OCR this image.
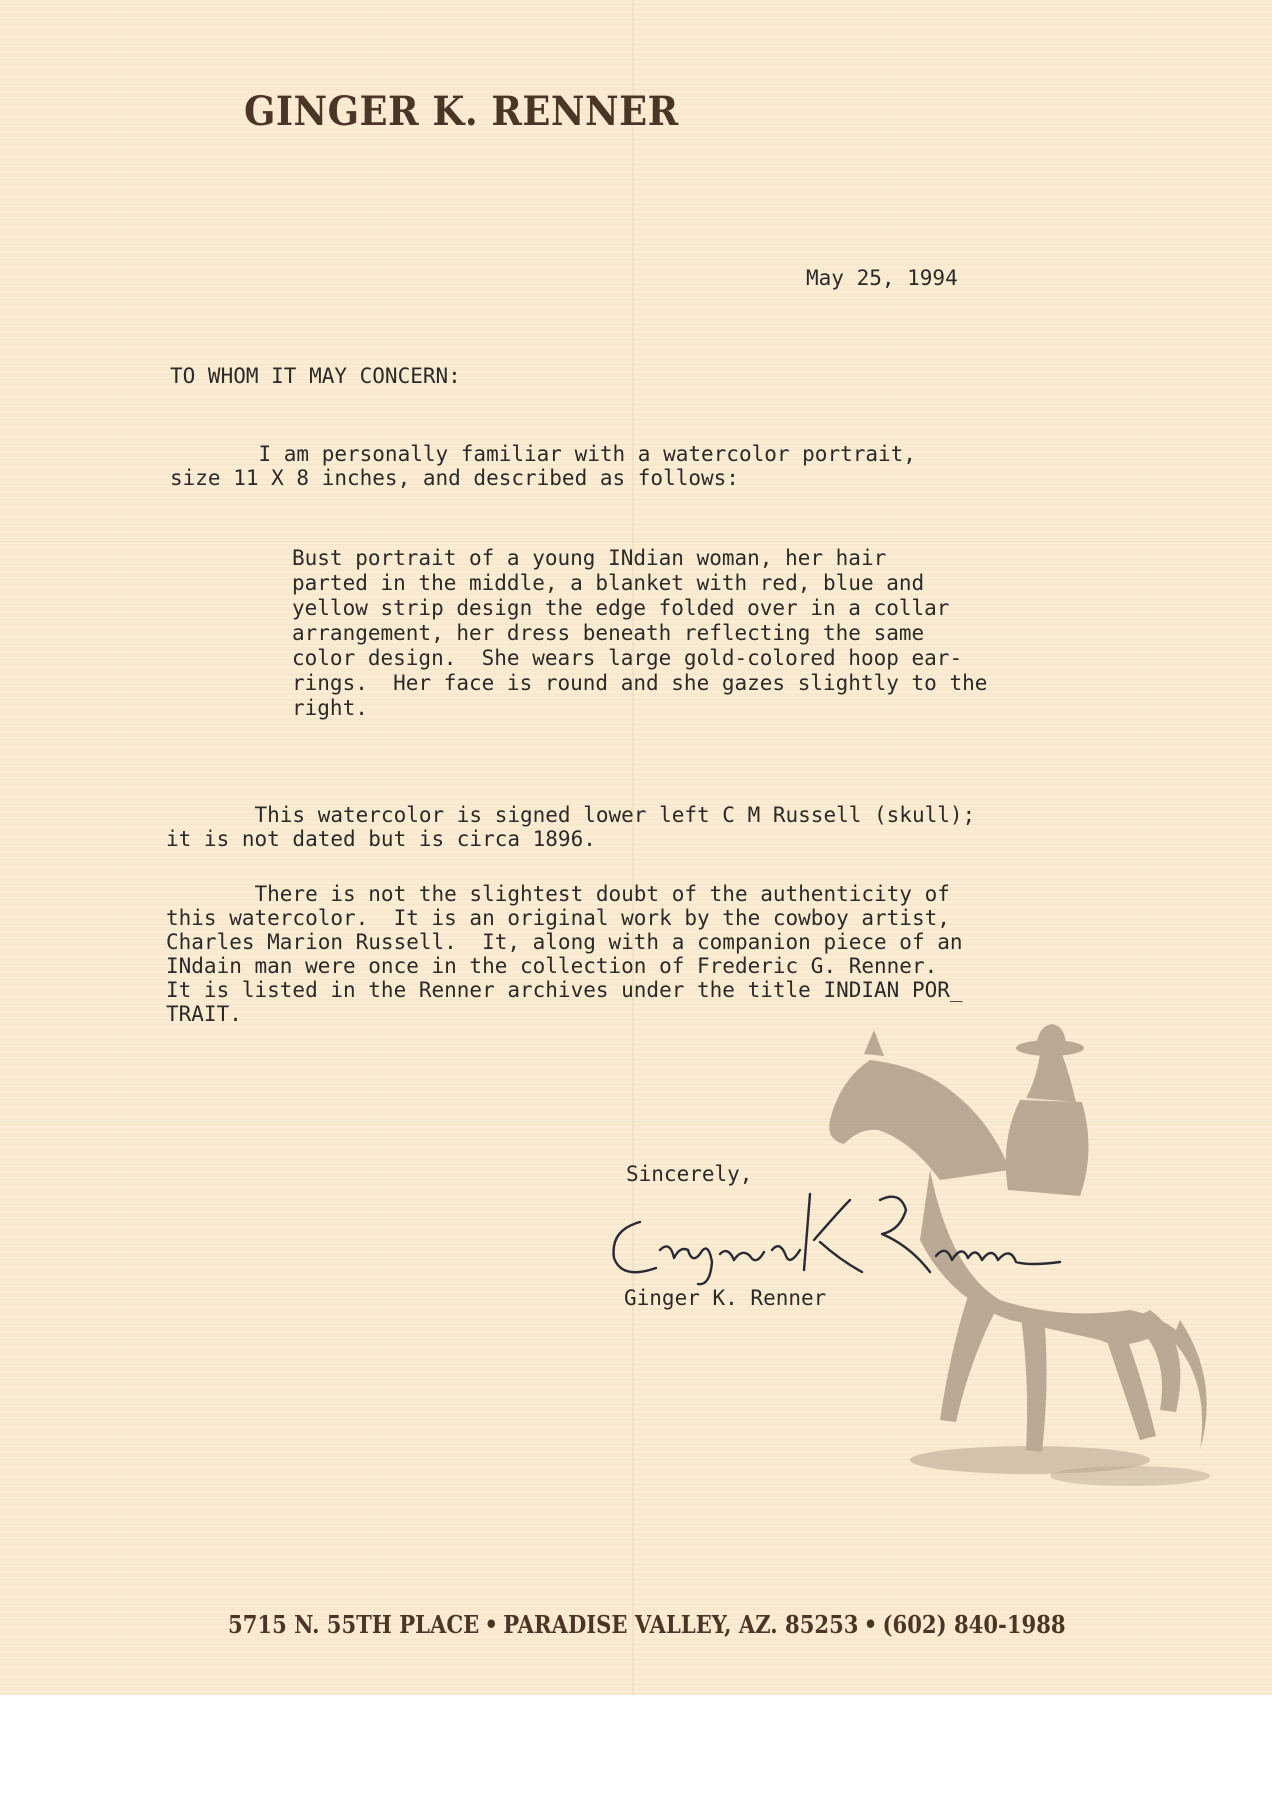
GINGER K. RENNER
May 25, 1994
TO WHOM IT MAY CONCERN:
I am personally familiar with a watercolor portrait,
size 11 X 8 inches, and described as follows:
Bust portrait of a young INdian woman, her hair
parted in the middle, a blanket with red, blue and
yellow strip design the edge folded over in a collar
arrangement, her dress beneath reflecting the same
color design.  She wears large gold-colored hoop ear-
rings.  Her face is round and she gazes slightly to the
right.
This watercolor is signed lower left C M Russell (skull);
it is not dated but is circa 1896.
There is not the slightest doubt of the authenticity of
this watercolor.  It is an original work by the cowboy artist,
Charles Marion Russell.  It, along with a companion piece of an
INdain man were once in the collection of Frederic G. Renner.
It is listed in the Renner archives under the title INDIAN POR_
TRAIT.
Sincerely,
Ginger K. Renner
5715 N. 55TH PLACE • PARADISE VALLEY, AZ. 85253 • (602) 840-1988
